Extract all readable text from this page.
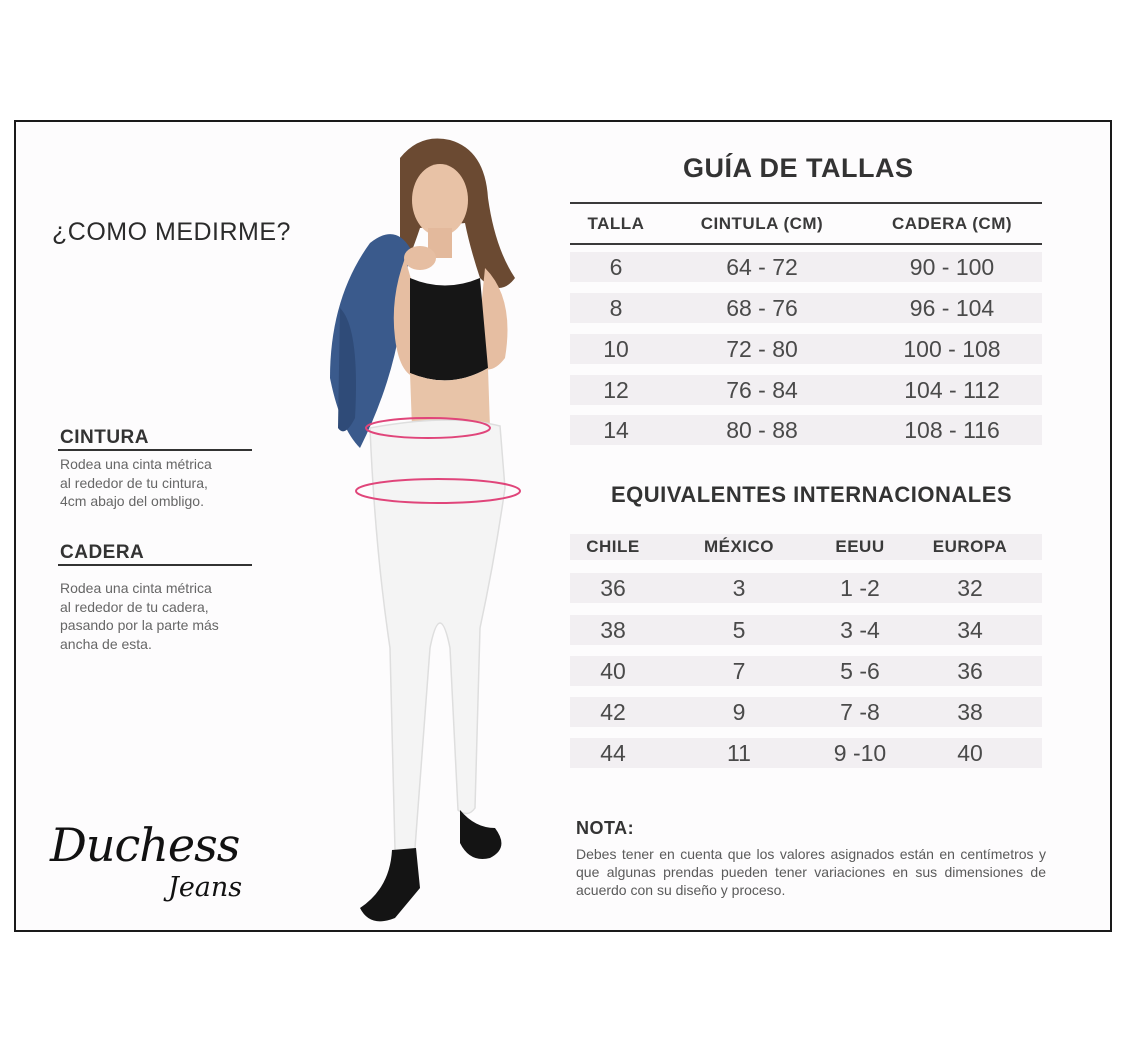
¿COMO MEDIRME?
CINTURA
Rodea una cinta métrica
al rededor de tu cintura,
4cm abajo del ombligo.
CADERA
Rodea una cinta métrica
al rededor de tu cadera,
pasando por la parte más
ancha de esta.
Duchess
Jeans
GUÍA DE TALLAS
TALLA	CINTULA (CM)	CADERA (CM)
6	64 - 72	90 - 100
8	68 - 76	96 - 104
10	72 - 80	100 - 108
12	76 - 84	104 - 112
14	80 - 88	108 - 116
EQUIVALENTES INTERNACIONALES
CHILE	MÉXICO	EEUU	EUROPA
36	3	1 -2	32
38	5	3 -4	34
40	7	5 -6	36
42	9	7 -8	38
44	11	9 -10	40
NOTA:
Debes tener en cuenta que los valores asignados están en centímetros y que algunas prendas pueden tener variaciones en sus dimensiones de acuerdo con su diseño y proceso.
